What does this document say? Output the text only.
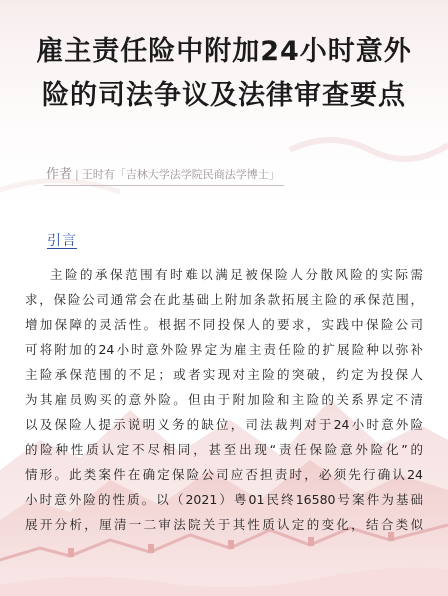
雇主责任险中附加24小时意外
险的司法争议及法律审查要点
作者 | 王时有「吉林大学法学院民商法学博士」
引言
主险的承保范围有时难以满足被保险人分散风险的实际需
求，保险公司通常会在此基础上附加条款拓展主险的承保范围，
增加保障的灵活性。根据不同投保人的要求，实践中保险公司
可将附加的24小时意外险界定为雇主责任险的扩展险种以弥补
主险承保范围的不足；或者实现对主险的突破，约定为投保人
为其雇员购买的意外险。但由于附加险和主险的关系界定不清
以及保险人提示说明义务的缺位，司法裁判对于24小时意外险
的险种性质认定不尽相同，甚至出现“责任保险意外险化”的
情形。此类案件在确定保险公司应否担责时，必须先行确认24
小时意外险的性质。以（2021）粤01民终16580号案件为基础
展开分析，厘清一二审法院关于其性质认定的变化，结合类似
